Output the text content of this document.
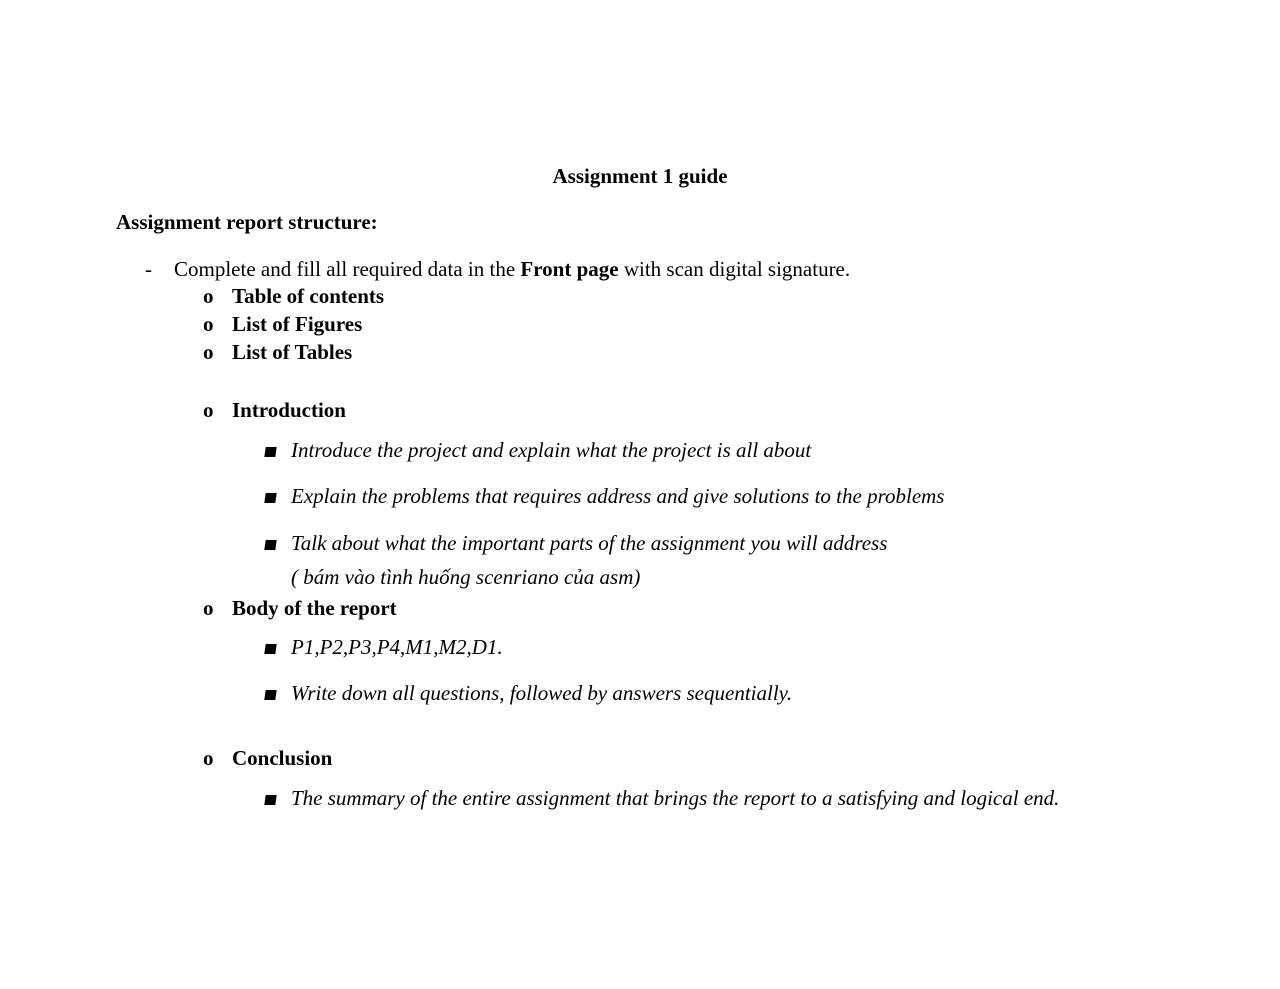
Assignment 1 guide
Assignment report structure:
- Complete and fill all required data in the Front page with scan digital signature.
o Table of contents
o List of Figures
o List of Tables
o Introduction
Introduce the project and explain what the project is all about
Explain the problems that requires address and give solutions to the problems
Talk about what the important parts of the assignment you will address
( bám vào tình huống scenriano của asm)
o Body of the report
P1,P2,P3,P4,M1,M2,D1.
Write down all questions, followed by answers sequentially.
o Conclusion
The summary of the entire assignment that brings the report to a satisfying and logical end.
